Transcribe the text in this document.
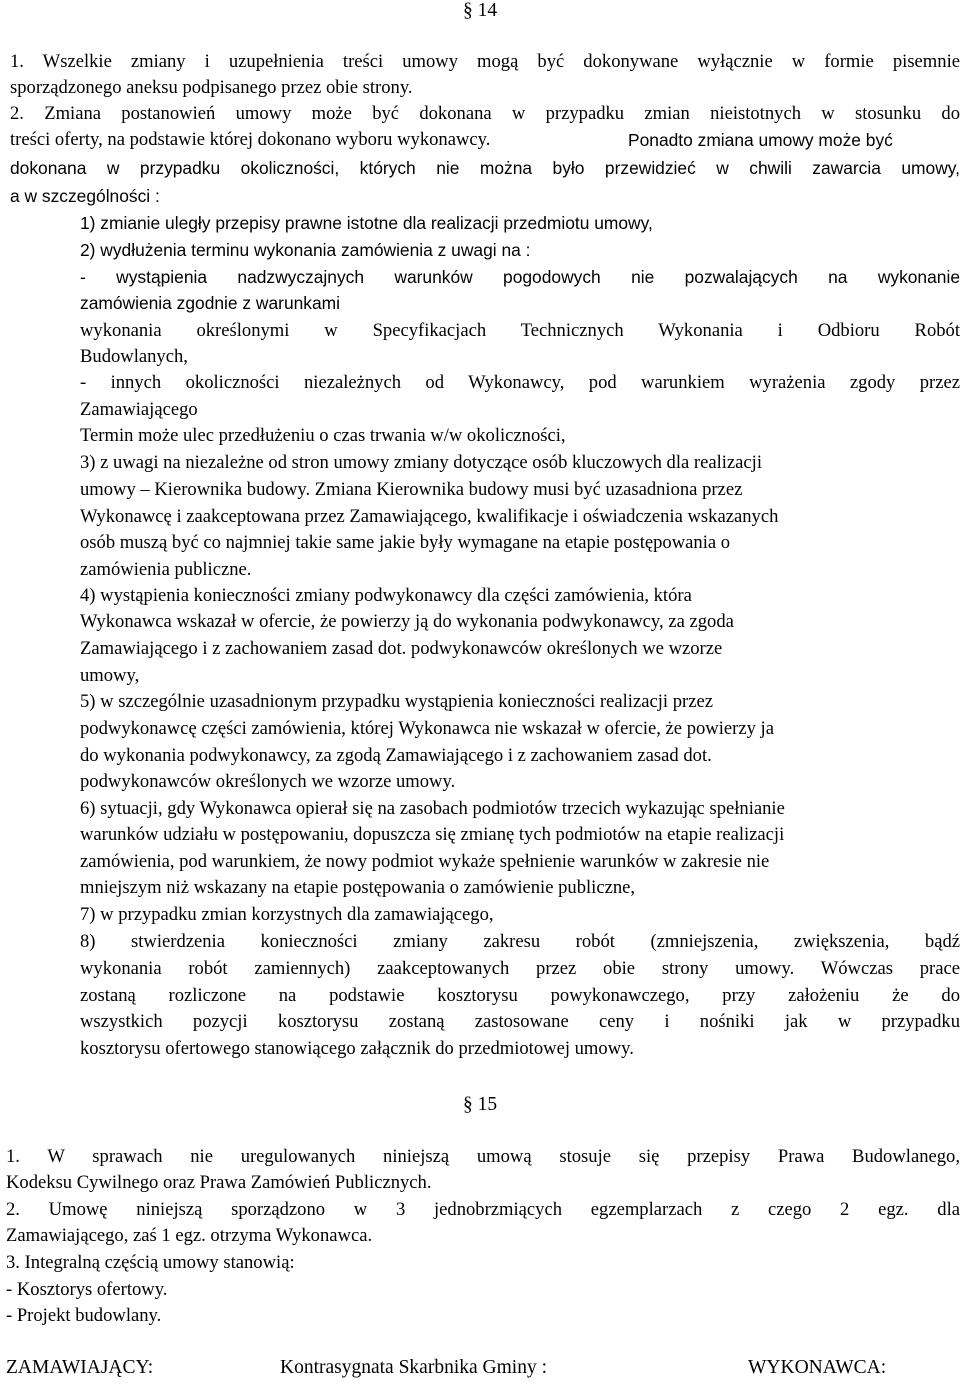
§ 14
1. Wszelkie zmiany i uzupełnienia treści umowy mogą być dokonywane wyłącznie w formie pisemnie
sporządzonego aneksu podpisanego przez obie strony.
2. Zmiana postanowień umowy może być dokonana w przypadku zmian nieistotnych w stosunku do
treści oferty, na podstawie której dokonano wyboru wykonawcy.	Ponadto zmiana umowy może być
dokonana w przypadku okoliczności, których nie można było przewidzieć w chwili zawarcia umowy,
a w szczególności :
1) zmianie uległy przepisy prawne istotne dla realizacji przedmiotu umowy,
2) wydłużenia terminu wykonania zamówienia z uwagi na :
- wystąpienia nadzwyczajnych warunków pogodowych nie pozwalających na wykonanie
zamówienia zgodnie z warunkami
wykonania określonymi w Specyfikacjach Technicznych Wykonania i Odbioru Robót
Budowlanych,
- innych okoliczności niezależnych od Wykonawcy, pod warunkiem wyrażenia zgody przez
Zamawiającego
Termin może ulec przedłużeniu o czas trwania w/w okoliczności,
3) z uwagi na niezależne od stron umowy zmiany dotyczące osób kluczowych dla realizacji
umowy – Kierownika budowy. Zmiana Kierownika budowy musi być uzasadniona przez
Wykonawcę i zaakceptowana przez Zamawiającego, kwalifikacje i oświadczenia wskazanych
osób muszą być co najmniej takie same jakie były wymagane na etapie postępowania o
zamówienia publiczne.
4) wystąpienia konieczności zmiany podwykonawcy dla części zamówienia, która
Wykonawca wskazał w ofercie, że powierzy ją do wykonania podwykonawcy, za zgoda
Zamawiającego i z zachowaniem zasad dot. podwykonawców określonych we wzorze
umowy,
5) w szczególnie uzasadnionym przypadku wystąpienia konieczności realizacji przez
podwykonawcę części zamówienia, której Wykonawca nie wskazał w ofercie, że powierzy ja
do wykonania podwykonawcy, za zgodą Zamawiającego i z zachowaniem zasad dot.
podwykonawców określonych we wzorze umowy.
6) sytuacji, gdy Wykonawca opierał się na zasobach podmiotów trzecich wykazując spełnianie
warunków udziału w postępowaniu, dopuszcza się zmianę tych podmiotów na etapie realizacji
zamówienia, pod warunkiem, że nowy podmiot wykaże spełnienie warunków w zakresie nie
mniejszym niż wskazany na etapie postępowania o zamówienie publiczne,
7) w przypadku zmian korzystnych dla zamawiającego,
8) stwierdzenia konieczności zmiany zakresu robót (zmniejszenia, zwiększenia, bądź
wykonania robót zamiennych) zaakceptowanych przez obie strony umowy. Wówczas prace
zostaną rozliczone na podstawie kosztorysu powykonawczego, przy założeniu że do
wszystkich pozycji kosztorysu zostaną zastosowane ceny i nośniki jak w przypadku
kosztorysu ofertowego stanowiącego załącznik do przedmiotowej umowy.
§ 15
1. W sprawach nie uregulowanych niniejszą umową stosuje się przepisy Prawa Budowlanego,
Kodeksu Cywilnego oraz Prawa Zamówień Publicznych.
2. Umowę niniejszą sporządzono w 3 jednobrzmiących egzemplarzach z czego 2 egz. dla
Zamawiającego, zaś 1 egz. otrzyma Wykonawca.
3. Integralną częścią umowy stanowią:
- Kosztorys ofertowy.
- Projekt budowlany.
ZAMAWIAJĄCY:	Kontrasygnata Skarbnika Gminy :	WYKONAWCA:
